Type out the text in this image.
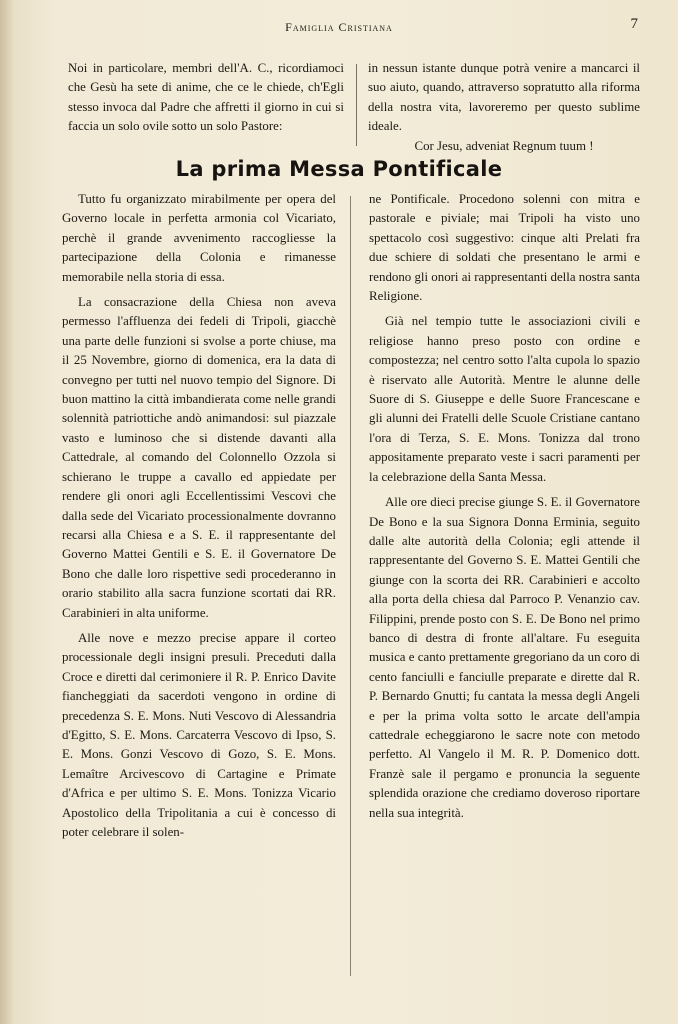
Famiglia Cristiana	7

Noi in particolare, membri dell'A. C., ricordiamoci che Gesù ha sete di anime, che ce le chiede, ch'Egli stesso invoca dal Padre che affretti il giorno in cui si faccia un solo ovile sotto un solo Pastore:

in nessun istante dunque potrà venire a mancarci il suo aiuto, quando, attraverso sopratutto alla riforma della nostra vita, lavoreremo per questo sublime ideale.

Cor Jesu, adveniat Regnum tuum !

La prima Messa Pontificale

Tutto fu organizzato mirabilmente per opera del Governo locale in perfetta armonia col Vicariato, perchè il grande avvenimento raccogliesse la partecipazione della Colonia e rimanesse memorabile nella storia di essa.

La consacrazione della Chiesa non aveva permesso l'affluenza dei fedeli di Tripoli, giacchè una parte delle funzioni si svolse a porte chiuse, ma il 25 Novembre, giorno di domenica, era la data di convegno per tutti nel nuovo tempio del Signore. Di buon mattino la città imbandierata come nelle grandi solennità patriottiche andò animandosi: sul piazzale vasto e luminoso che si distende davanti alla Cattedrale, al comando del Colonnello Ozzola si schierano le truppe a cavallo ed appiedate per rendere gli onori agli Eccellentissimi Vescovi che dalla sede del Vicariato processionalmente dovranno recarsi alla Chiesa e a S. E. il rappresentante del Governo Mattei Gentili e S. E. il Governatore De Bono che dalle loro rispettive sedi procederanno in orario stabilito alla sacra funzione scortati dai RR. Carabinieri in alta uniforme.

Alle nove e mezzo precise appare il corteo processionale degli insigni presuli. Preceduti dalla Croce e diretti dal cerimoniere il R. P. Enrico Davite fiancheggiati da sacerdoti vengono in ordine di precedenza S. E. Mons. Nuti Vescovo di Alessandria d'Egitto, S. E. Mons. Carcaterra Vescovo di Ipso, S. E. Mons. Gonzi Vescovo di Gozo, S. E. Mons. Lemaître Arcivescovo di Cartagine e Primate d'Africa e per ultimo S. E. Mons. Tonizza Vicario Apostolico della Tripolitania a cui è concesso di poter celebrare il solen-

ne Pontificale. Procedono solenni con mitra e pastorale e piviale; mai Tripoli ha visto uno spettacolo così suggestivo: cinque alti Prelati fra due schiere di soldati che presentano le armi e rendono gli onori ai rappresentanti della nostra santa Religione.

Già nel tempio tutte le associazioni civili e religiose hanno preso posto con ordine e compostezza; nel centro sotto l'alta cupola lo spazio è riservato alle Autorità. Mentre le alunne delle Suore di S. Giuseppe e delle Suore Francescane e gli alunni dei Fratelli delle Scuole Cristiane cantano l'ora di Terza, S. E. Mons. Tonizza dal trono appositamente preparato veste i sacri paramenti per la celebrazione della Santa Messa.

Alle ore dieci precise giunge S. E. il Governatore De Bono e la sua Signora Donna Erminia, seguito dalle alte autorità della Colonia; egli attende il rappresentante del Governo S. E. Mattei Gentili che giunge con la scorta dei RR. Carabinieri e accolto alla porta della chiesa dal Parroco P. Venanzio cav. Filippini, prende posto con S. E. De Bono nel primo banco di destra di fronte all'altare. Fu eseguita musica e canto prettamente gregoriano da un coro di cento fanciulli e fanciulle preparate e dirette dal R. P. Bernardo Gnutti; fu cantata la messa degli Angeli e per la prima volta sotto le arcate dell'ampia cattedrale echeggiarono le sacre note con metodo perfetto. Al Vangelo il M. R. P. Domenico dott. Franzè sale il pergamo e pronuncia la seguente splendida orazione che crediamo doveroso riportare nella sua integrità.
